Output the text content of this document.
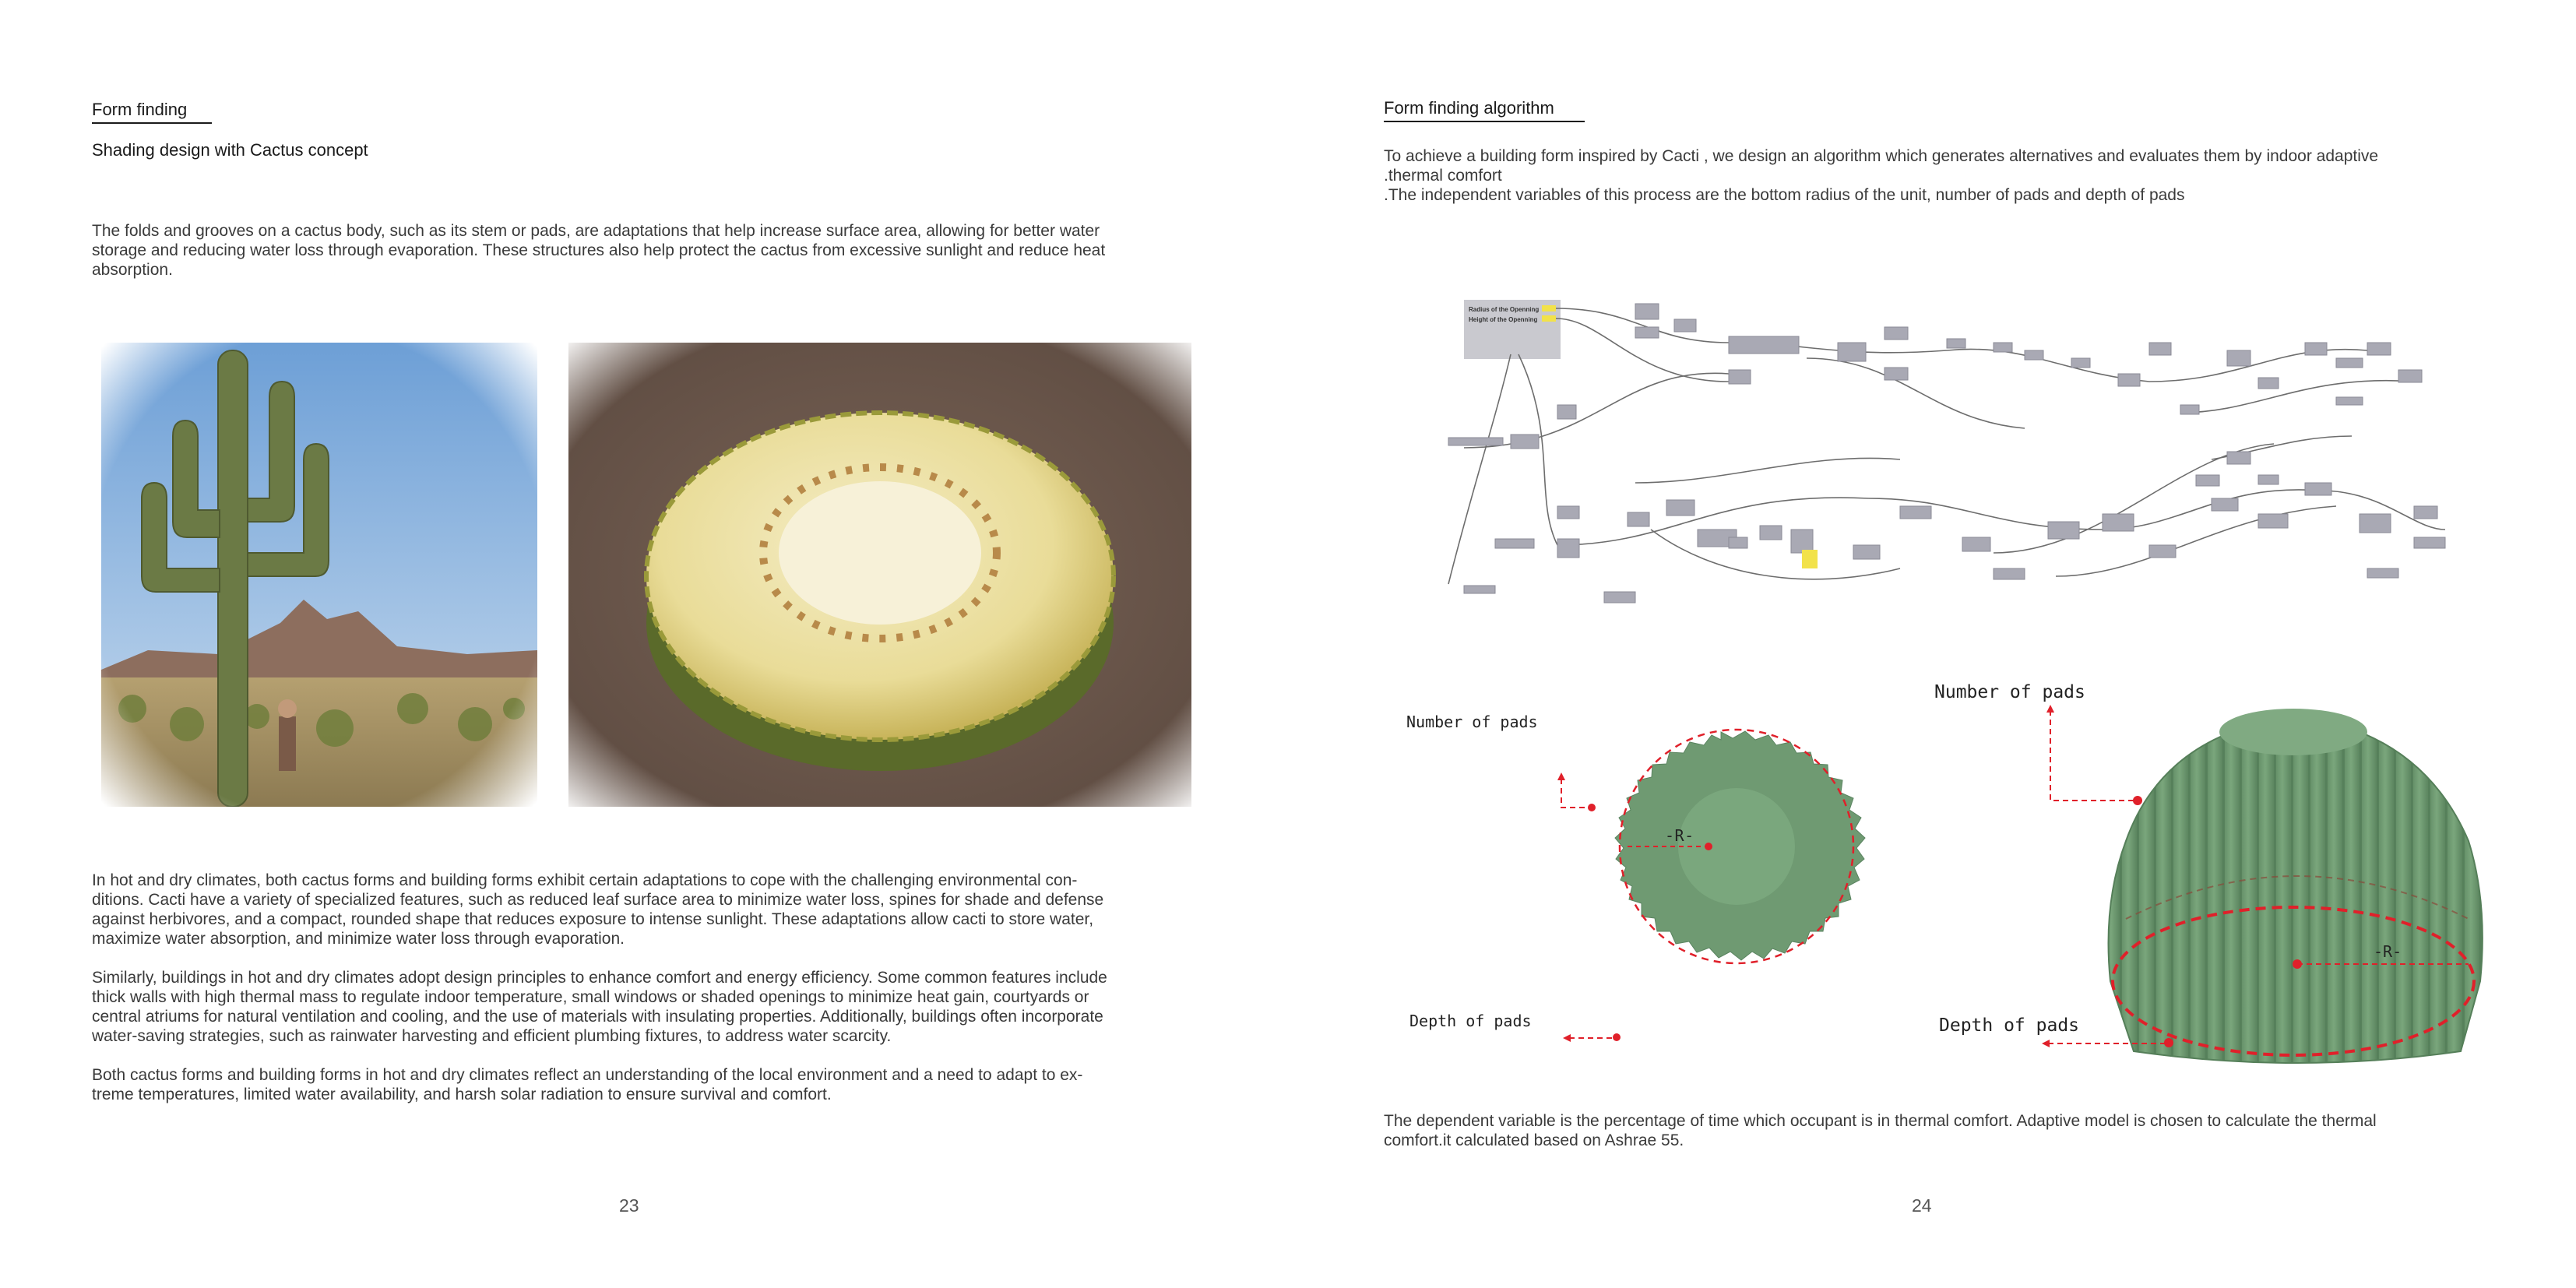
Form finding
Shading design with Cactus concept
The folds and grooves on a cactus body, such as its stem or pads, are adaptations that help increase surface area, allowing for better water
storage and reducing water loss through evaporation. These structures also help protect the cactus from excessive sunlight and reduce heat
absorption.
In hot and dry climates, both cactus forms and building forms exhibit certain adaptations to cope with the challenging environmental con-
ditions. Cacti have a variety of specialized features, such as reduced leaf surface area to minimize water loss, spines for shade and defense
against herbivores, and a compact, rounded shape that reduces exposure to intense sunlight. These adaptations allow cacti to store water,
maximize water absorption, and minimize water loss through evaporation.
Similarly, buildings in hot and dry climates adopt design principles to enhance comfort and energy efficiency. Some common features include
thick walls with high thermal mass to regulate indoor temperature, small windows or shaded openings to minimize heat gain, courtyards or
central atriums for natural ventilation and cooling, and the use of materials with insulating properties. Additionally, buildings often incorporate
water-saving strategies, such as rainwater harvesting and efficient plumbing fixtures, to address water scarcity.
Both cactus forms and building forms in hot and dry climates reflect an understanding of the local environment and a need to adapt to ex-
treme temperatures, limited water availability, and harsh solar radiation to ensure survival and comfort.
23
Form finding algorithm
To achieve a building form inspired by Cacti , we design an algorithm which generates alternatives and evaluates them by indoor adaptive
.thermal comfort
.The independent variables of this process are the bottom radius of the unit, number of pads and depth of pads
Radius of the Openning
Height of the Openning
-R-
Number of pads
Depth of pads
-R-
Number of pads
Depth of pads
The dependent variable is the percentage of time which occupant is in thermal comfort. Adaptive model is chosen to calculate the thermal
comfort.it calculated based on Ashrae 55.
24
